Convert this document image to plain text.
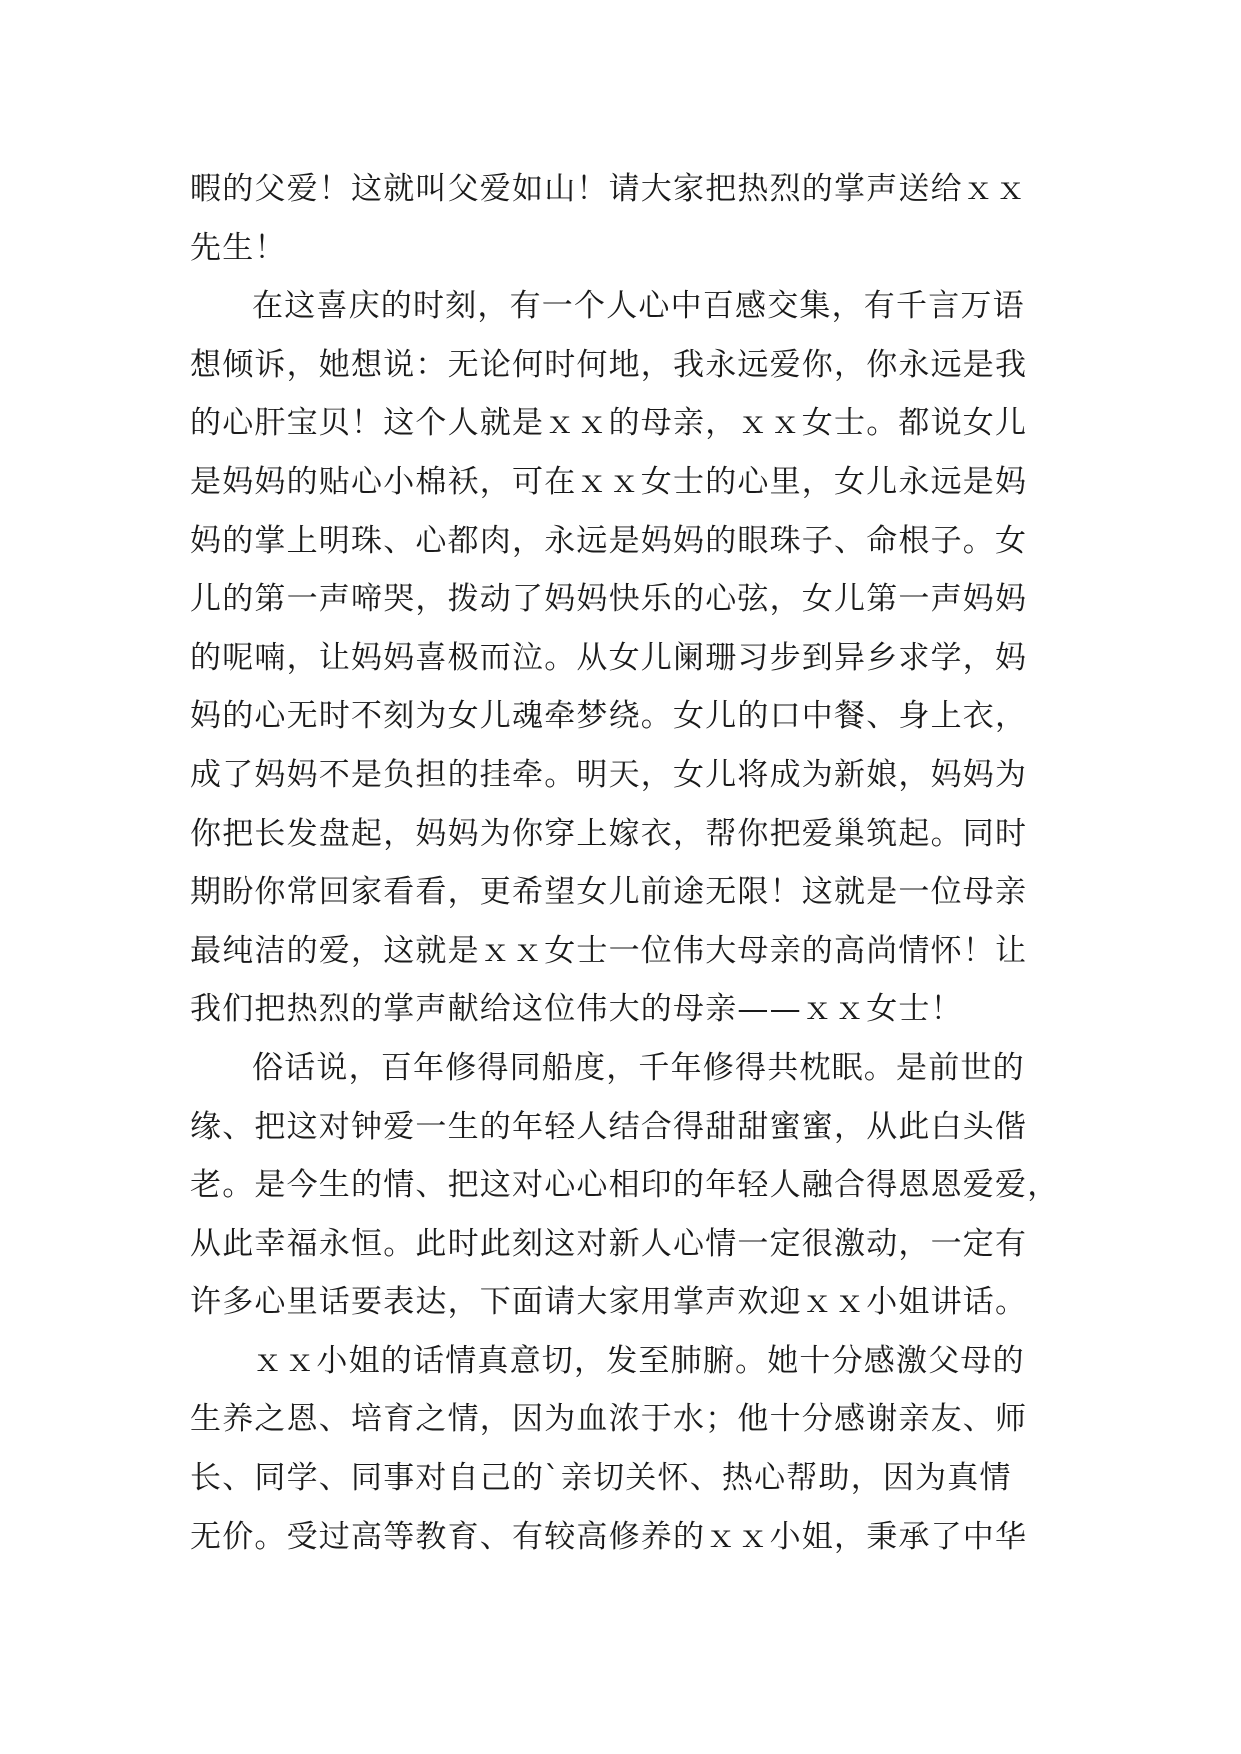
暇的父爱！这就叫父爱如山！请大家把热烈的掌声送给ｘｘ
先生！
在这喜庆的时刻，有一个人心中百感交集，有千言万语
想倾诉，她想说：无论何时何地，我永远爱你，你永远是我
的心肝宝贝！这个人就是ｘｘ的母亲，ｘｘ女士。都说女儿
是妈妈的贴心小棉袄，可在ｘｘ女士的心里，女儿永远是妈
妈的掌上明珠、心都肉，永远是妈妈的眼珠子、命根子。女
儿的第一声啼哭，拨动了妈妈快乐的心弦，女儿第一声妈妈
的呢喃，让妈妈喜极而泣。从女儿阑珊习步到异乡求学，妈
妈的心无时不刻为女儿魂牵梦绕。女儿的口中餐、身上衣，
成了妈妈不是负担的挂牵。明天，女儿将成为新娘，妈妈为
你把长发盘起，妈妈为你穿上嫁衣，帮你把爱巢筑起。同时
期盼你常回家看看，更希望女儿前途无限！这就是一位母亲
最纯洁的爱，这就是ｘｘ女士一位伟大母亲的高尚情怀！让
我们把热烈的掌声献给这位伟大的母亲——ｘｘ女士！
俗话说，百年修得同船度，千年修得共枕眠。是前世的
缘、把这对钟爱一生的年轻人结合得甜甜蜜蜜，从此白头偕
老。是今生的情、把这对心心相印的年轻人融合得恩恩爱爱，
从此幸福永恒。此时此刻这对新人心情一定很激动，一定有
许多心里话要表达，下面请大家用掌声欢迎ｘｘ小姐讲话。
ｘｘ小姐的话情真意切，发至肺腑。她十分感激父母的
生养之恩、培育之情，因为血浓于水；他十分感谢亲友、师
长、同学、同事对自己的`亲切关怀、热心帮助，因为真情
无价。受过高等教育、有较高修养的ｘｘ小姐，秉承了中华
